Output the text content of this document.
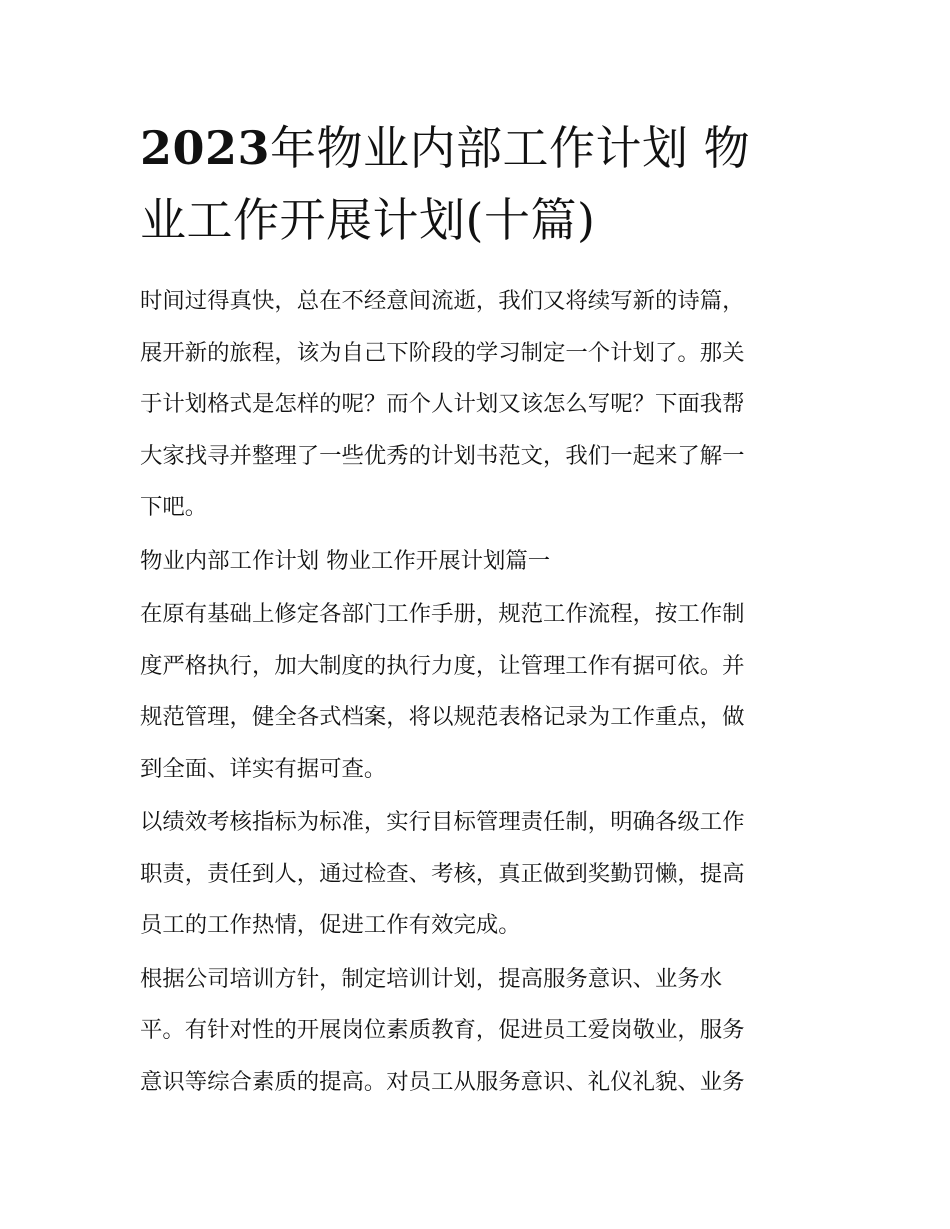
2023年物业内部工作计划 物
业工作开展计划(十篇)

时间过得真快，总在不经意间流逝，我们又将续写新的诗篇，
展开新的旅程，该为自己下阶段的学习制定一个计划了。那关
于计划格式是怎样的呢？而个人计划又该怎么写呢？下面我帮
大家找寻并整理了一些优秀的计划书范文，我们一起来了解一
下吧。

物业内部工作计划 物业工作开展计划篇一

在原有基础上修定各部门工作手册，规范工作流程，按工作制
度严格执行，加大制度的执行力度，让管理工作有据可依。并
规范管理，健全各式档案，将以规范表格记录为工作重点，做
到全面、详实有据可查。

以绩效考核指标为标准，实行目标管理责任制，明确各级工作
职责，责任到人，通过检查、考核，真正做到奖勤罚懒，提高
员工的工作热情，促进工作有效完成。

根据公司培训方针，制定培训计划，提高服务意识、业务水
平。有针对性的开展岗位素质教育，促进员工爱岗敬业，服务
意识等综合素质的提高。对员工从服务意识、礼仪礼貌、业务
